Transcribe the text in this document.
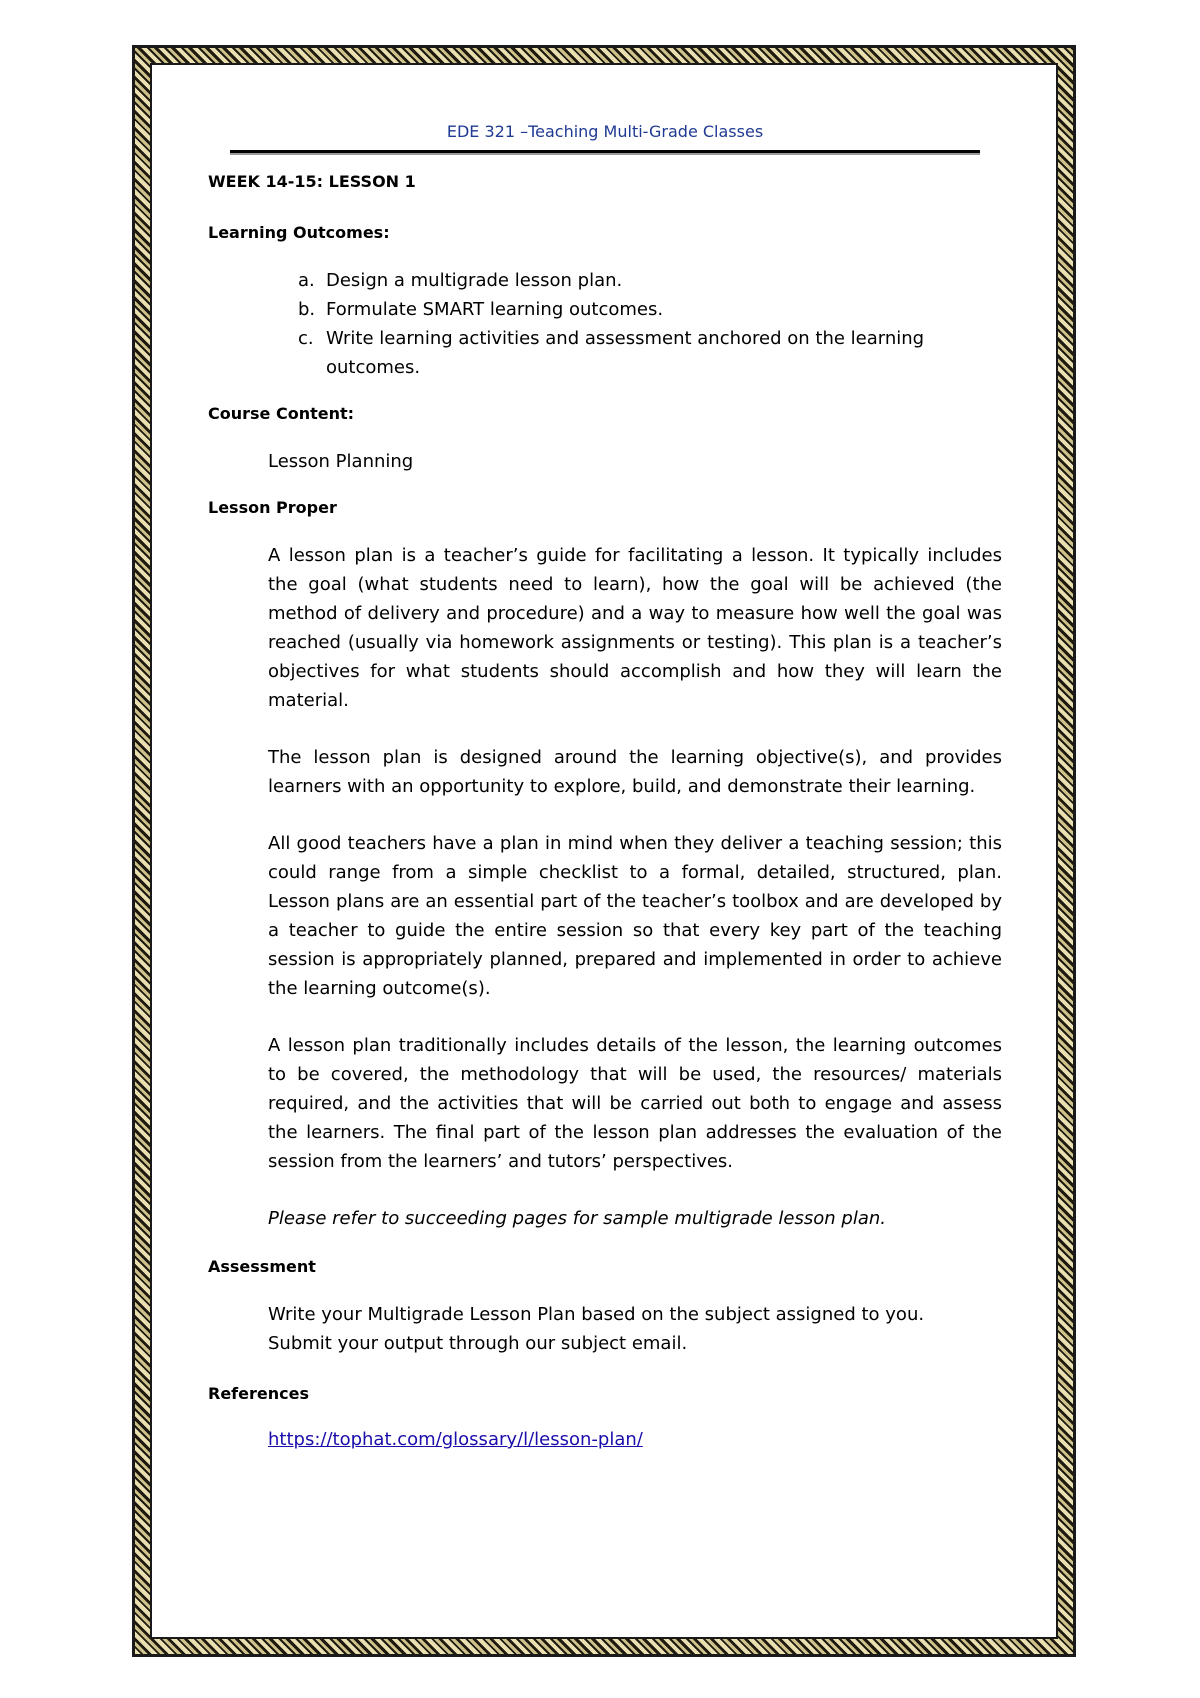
EDE 321 –Teaching Multi-Grade Classes
WEEK 14-15: LESSON 1
Learning Outcomes:
a. Design a multigrade lesson plan.
b. Formulate SMART learning outcomes.
c. Write learning activities and assessment anchored on the learning outcomes.
Course Content:
Lesson Planning
Lesson Proper

A lesson plan is a teacher’s guide for facilitating a lesson. It typically includes the goal (what students need to learn), how the goal will be achieved (the method of delivery and procedure) and a way to measure how well the goal was reached (usually via homework assignments or testing). This plan is a teacher’s objectives for what students should accomplish and how they will learn the material.

The lesson plan is designed around the learning objective(s), and provides learners with an opportunity to explore, build, and demonstrate their learning.

All good teachers have a plan in mind when they deliver a teaching session; this could range from a simple checklist to a formal, detailed, structured, plan. Lesson plans are an essential part of the teacher’s toolbox and are developed by a teacher to guide the entire session so that every key part of the teaching session is appropriately planned, prepared and implemented in order to achieve the learning outcome(s).

A lesson plan traditionally includes details of the lesson, the learning outcomes to be covered, the methodology that will be used, the resources/ materials required, and the activities that will be carried out both to engage and assess the learners. The final part of the lesson plan addresses the evaluation of the session from the learners’ and tutors’ perspectives.

Please refer to succeeding pages for sample multigrade lesson plan.

Assessment
Write your Multigrade Lesson Plan based on the subject assigned to you.
Submit your output through our subject email.
References
https://tophat.com/glossary/l/lesson-plan/
